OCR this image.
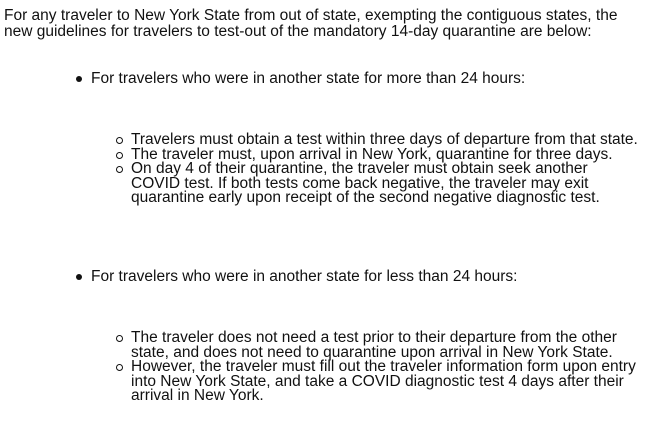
For any traveler to New York State from out of state, exempting the contiguous states, the new guidelines for travelers to test-out of the mandatory 14-day quarantine are below:

For travelers who were in another state for more than 24 hours:
Travelers must obtain a test within three days of departure from that state.
The traveler must, upon arrival in New York, quarantine for three days.
On day 4 of their quarantine, the traveler must obtain seek another COVID test. If both tests come back negative, the traveler may exit quarantine early upon receipt of the second negative diagnostic test.
For travelers who were in another state for less than 24 hours:
The traveler does not need a test prior to their departure from the other state, and does not need to quarantine upon arrival in New York State.
However, the traveler must fill out the traveler information form upon entry into New York State, and take a COVID diagnostic test 4 days after their arrival in New York.
